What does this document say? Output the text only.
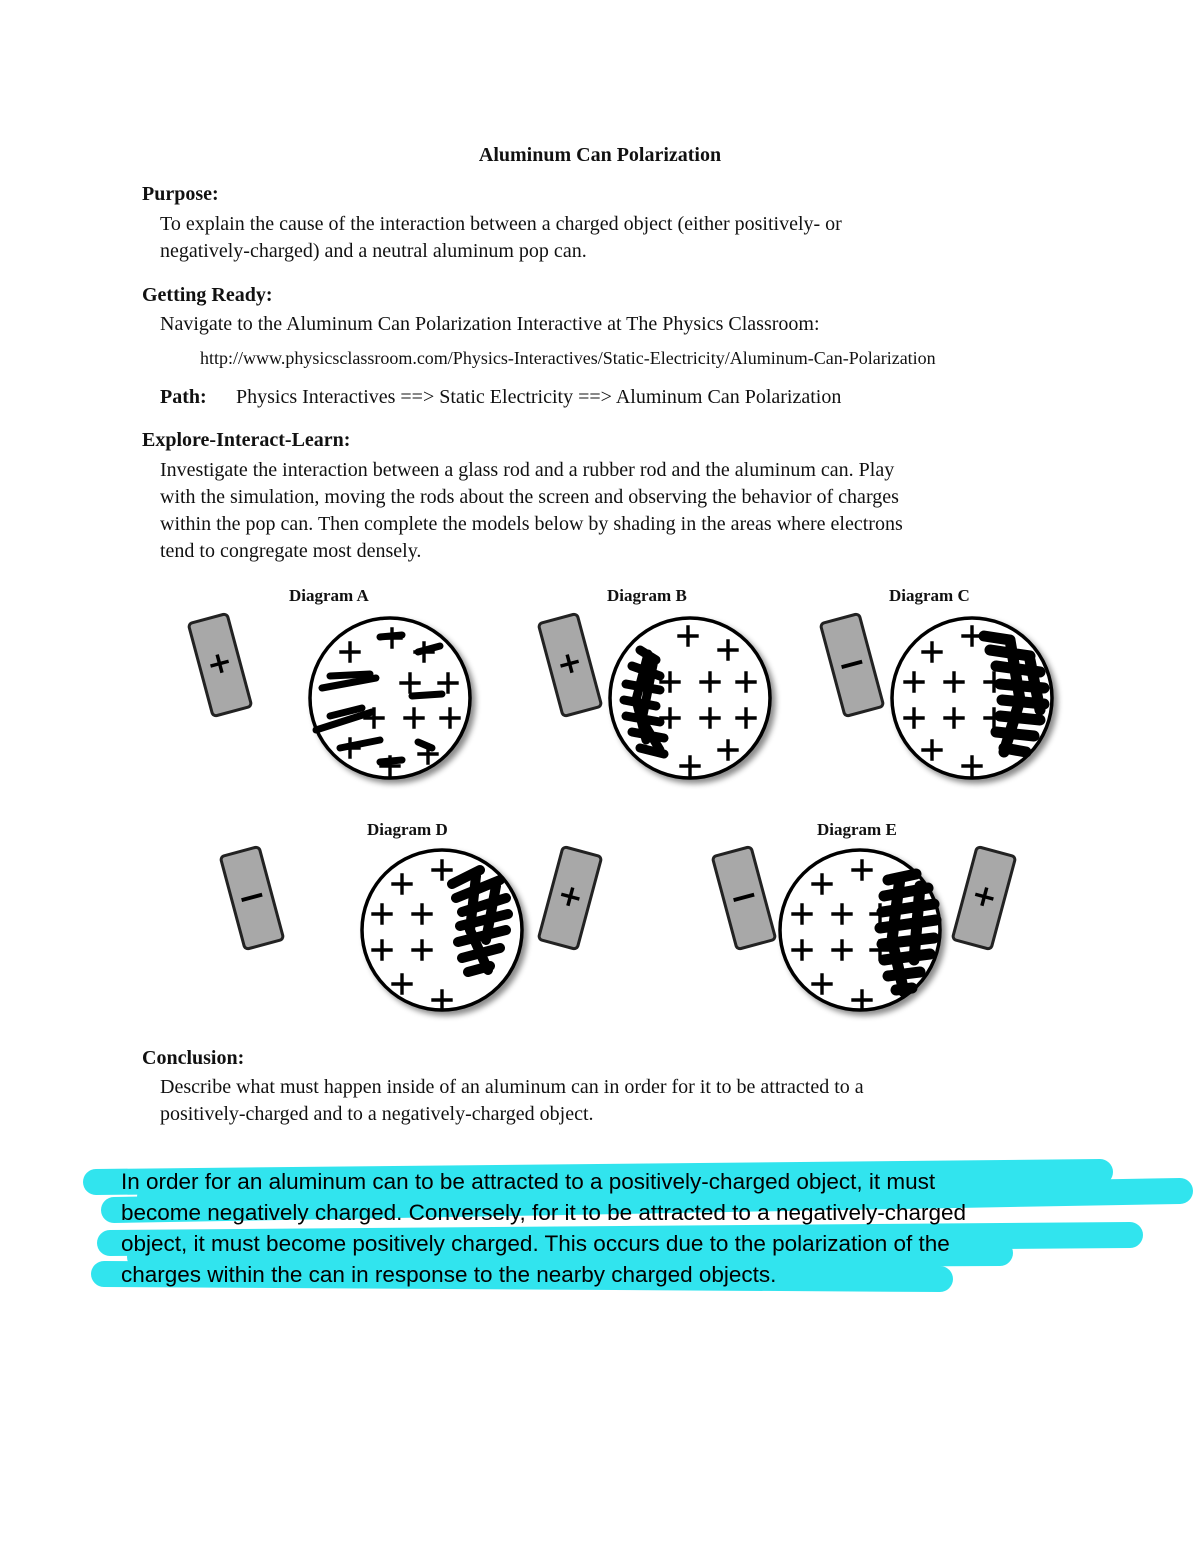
Aluminum Can Polarization
Purpose:
To explain the cause of the interaction between a charged object (either positively- or
negatively-charged) and a neutral aluminum pop can.
Getting Ready:
Navigate to the Aluminum Can Polarization Interactive at The Physics Classroom:
http://www.physicsclassroom.com/Physics-Interactives/Static-Electricity/Aluminum-Can-Polarization
Path: Physics Interactives ==> Static Electricity ==> Aluminum Can Polarization
Explore-Interact-Learn:
Investigate the interaction between a glass rod and a rubber rod and the aluminum can. Play
with the simulation, moving the rods about the screen and observing the behavior of charges
within the pop can. Then complete the models below by shading in the areas where electrons
tend to congregate most densely.
Diagram A	Diagram B	Diagram C
Diagram D	Diagram E
+	+	−
−	+	−	+
Conclusion:
Describe what must happen inside of an aluminum can in order for it to be attracted to a
positively-charged and to a negatively-charged object.
In order for an aluminum can to be attracted to a positively-charged object, it must
become negatively charged. Conversely, for it to be attracted to a negatively-charged
object, it must become positively charged. This occurs due to the polarization of the
charges within the can in response to the nearby charged objects.
